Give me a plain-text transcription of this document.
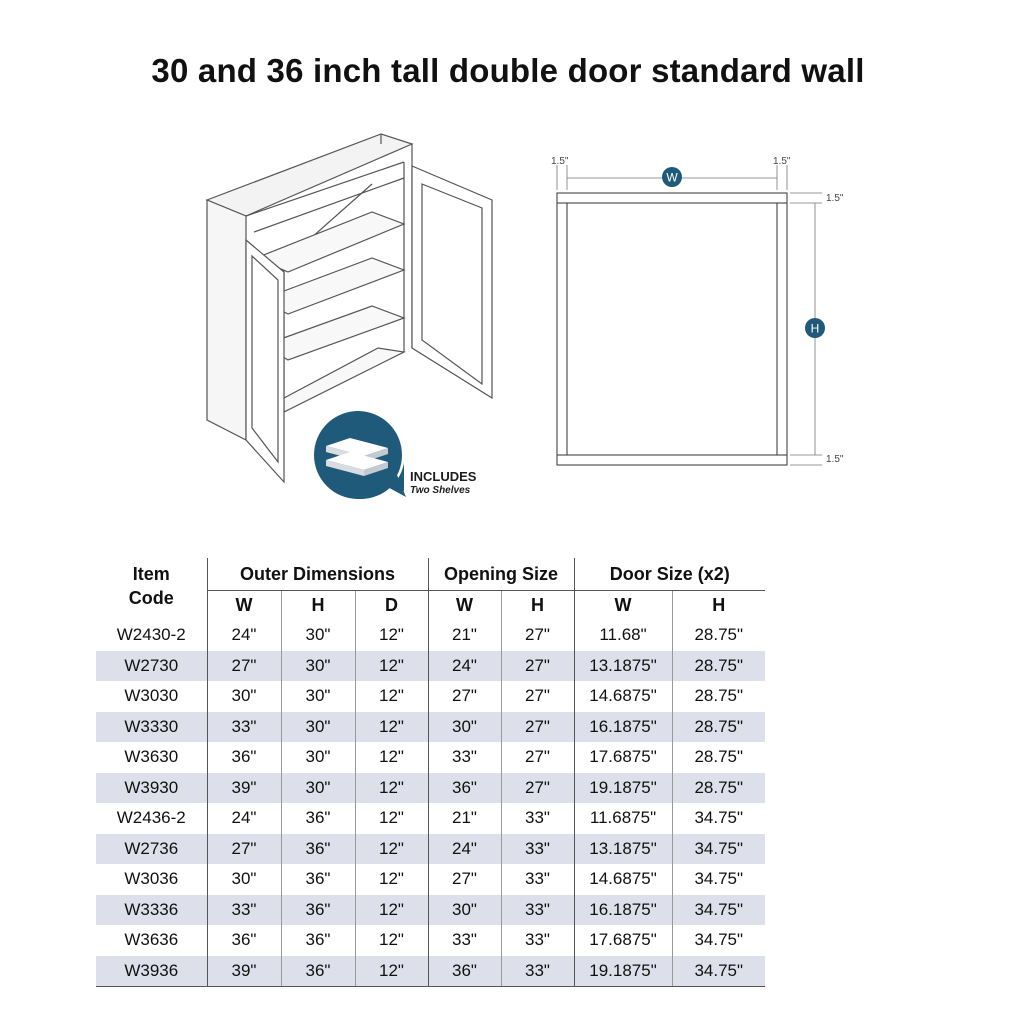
30 and 36 inch tall double door standard wall
1.5"	1.5"
1.5"
1.5"
W
H
INCLUDES
Two Shelves
Item Code	Outer Dimensions			Opening Size		Door Size (x2)	
	W	H	D	W	H	W	H
W2430-2	24"	30"	12"	21"	27"	11.68"	28.75"
W2730	27"	30"	12"	24"	27"	13.1875"	28.75"
W3030	30"	30"	12"	27"	27"	14.6875"	28.75"
W3330	33"	30"	12"	30"	27"	16.1875"	28.75"
W3630	36"	30"	12"	33"	27"	17.6875"	28.75"
W3930	39"	30"	12"	36"	27"	19.1875"	28.75"
W2436-2	24"	36"	12"	21"	33"	11.6875"	34.75"
W2736	27"	36"	12"	24"	33"	13.1875"	34.75"
W3036	30"	36"	12"	27"	33"	14.6875"	34.75"
W3336	33"	36"	12"	30"	33"	16.1875"	34.75"
W3636	36"	36"	12"	33"	33"	17.6875"	34.75"
W3936	39"	36"	12"	36"	33"	19.1875"	34.75"
